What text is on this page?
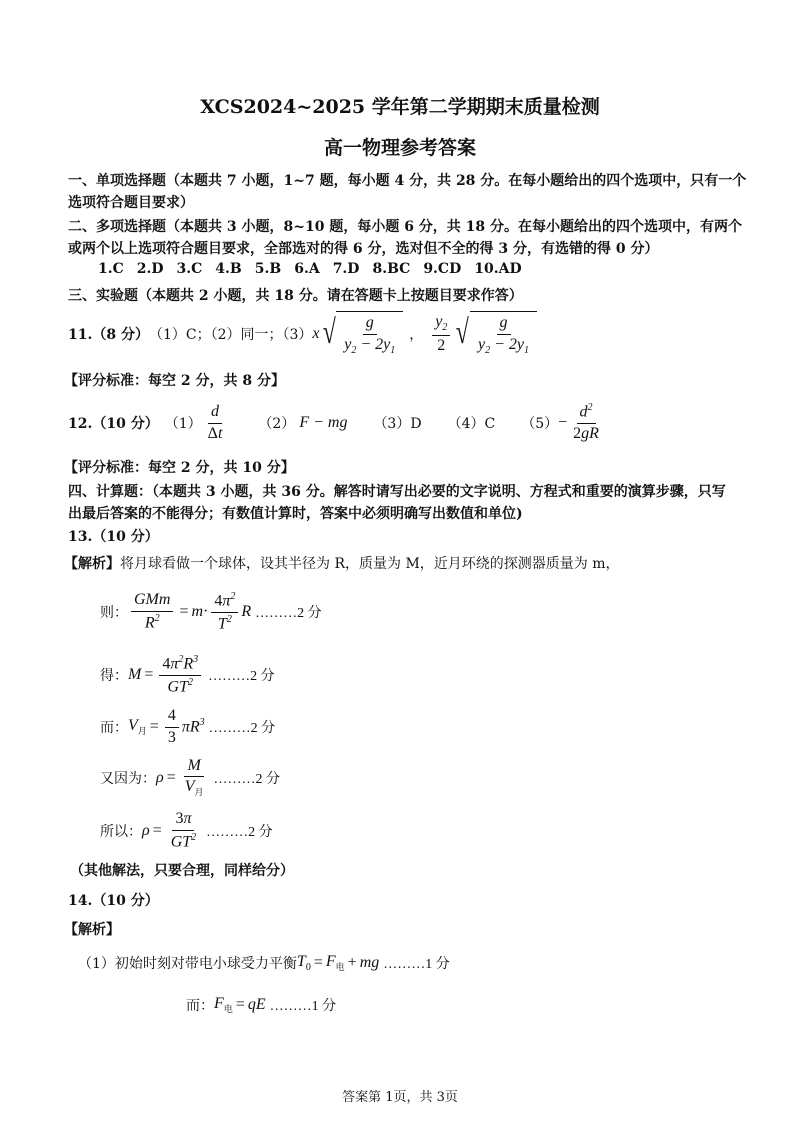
XCS2024~2025 学年第二学期期末质量检测
高一物理参考答案
一、单项选择题（本题共 7 小题，1~7 题，每小题 4 分，共 28 分。在每小题给出的四个选项中，只有一个
选项符合题目要求）
二、多项选择题（本题共 3 小题，8~10 题，每小题 6 分，共 18 分。在每小题给出的四个选项中，有两个
或两个以上选项符合题目要求，全部选对的得 6 分，选对但不全的得 3 分，有选错的得 0 分）
1.C 2.D 3.C 4.B 5.B 6.A 7.D 8.BC 9.CD 10.AD
三、实验题（本题共 2 小题，共 18 分。请在答题卡上按题目要求作答）
11.（8 分） （1）C；（2）同一；（3） x √ $\frac{g}{y_2 - 2y_1}$ ， $\frac{y_2}{2}$ √ $\frac{g}{y_2 - 2y_1}$
【评分标准：每空 2 分，共 8 分】
12.（10 分） $(1) \frac{d}{\Delta t} (2) F$ − mg （3）D （4）C $(5) - \frac{d^2}{2gR}$
【评分标准：每空 2 分，共 10 分】
四、计算题：（本题共 3 小题，共 36 分。解答时请写出必要的文字说明、方程式和重要的演算步骤，只写
出最后答案的不能得分；有数值计算时，答案中必须明确写出数值和单位)
13.（10 分）
【解析】将月球看做一个球体，设其半径为 R，质量为 M，近月环绕的探测器质量为 m，
则： $\frac{\text{GMm}}{R^2} = m \cdot \frac{4\pi^2}{T^2}$ R ………2 分
得： $M = \frac{4\pi^2R^3}{GT^2}$ ………2 分
而： $V_月 = \frac{4}{3} \pi R^3$ ………2 分
又因为： $\rho = \frac{M}{V_月}$ ………2 分
所以： $\rho = \frac{3\pi}{GT^2}$ ………2 分
（其他解法，只要合理，同样给分）
14.（10 分）
【解析】
（1）初始时刻对带电小球受力平衡 $T_0 = F_电$ + mg ………1 分
而： $F_电$ = qE ………1 分
答案第 1页，共 3页
